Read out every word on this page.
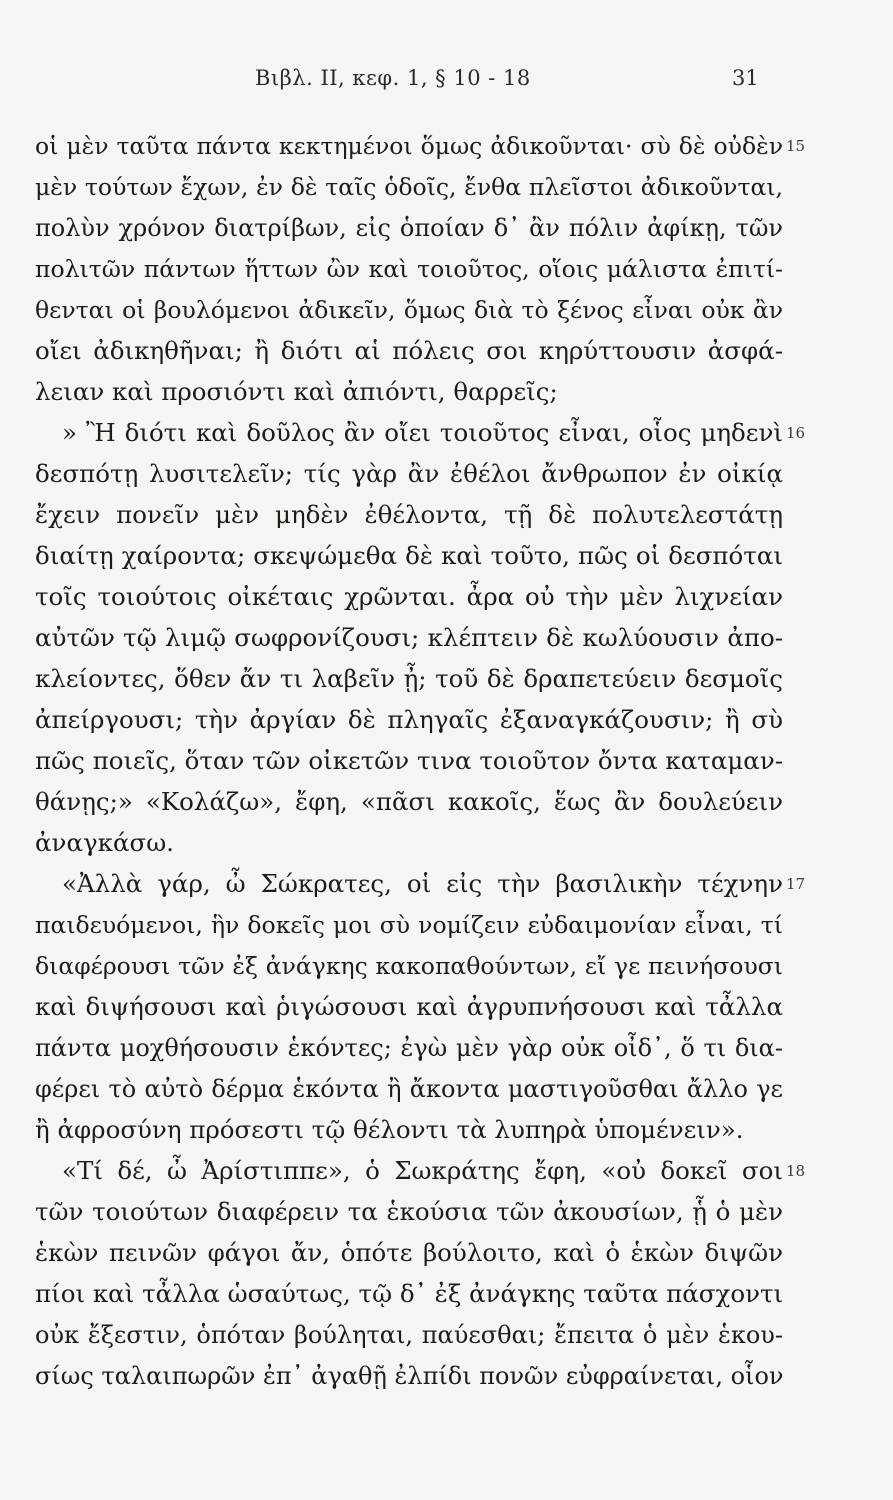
Βιβλ. ΙΙ, κεφ. 1, § 10 - 18	31
οἱ μὲν ταῦτα πάντα κεκτημένοι ὅμως ἀδικοῦνται· σὺ δὲ οὐδὲν 15
μὲν τούτων ἔχων, ἐν δὲ ταῖς ὁδοῖς, ἔνθα πλεῖστοι ἀδικοῦνται,
πολὺν χρόνον διατρίβων, εἰς ὁποίαν δ᾿ ἂν πόλιν ἀφίκῃ, τῶν
πολιτῶν πάντων ἥττων ὢν καὶ τοιοῦτος, οἵοις μάλιστα ἐπιτί-
θενται οἱ βουλόμενοι ἀδικεῖν, ὅμως διὰ τὸ ξένος εἶναι οὐκ ἂν
οἴει ἀδικηθῆναι; ἢ διότι αἱ πόλεις σοι κηρύττουσιν ἀσφά-
λειαν καὶ προσιόντι καὶ ἀπιόντι, θαρρεῖς;
» Ἢ διότι καὶ δοῦλος ἂν οἴει τοιοῦτος εἶναι, οἷος μηδενὶ 16
δεσπότῃ λυσιτελεῖν; τίς γὰρ ἂν ἐθέλοι ἄνθρωπον ἐν οἰκίᾳ
ἔχειν πονεῖν μὲν μηδὲν ἐθέλοντα, τῇ δὲ πολυτελεστάτῃ
διαίτῃ χαίροντα; σκεψώμεθα δὲ καὶ τοῦτο, πῶς οἱ δεσπόται
τοῖς τοιούτοις οἰκέταις χρῶνται. ἆρα οὐ τὴν μὲν λιχνείαν
αὐτῶν τῷ λιμῷ σωφρονίζουσι; κλέπτειν δὲ κωλύουσιν ἀπο-
κλείοντες, ὅθεν ἄν τι λαβεῖν ᾖ; τοῦ δὲ δραπετεύειν δεσμοῖς
ἀπείργουσι; τὴν ἀργίαν δὲ πληγαῖς ἐξαναγκάζουσιν; ἢ σὺ
πῶς ποιεῖς, ὅταν τῶν οἰκετῶν τινα τοιοῦτον ὄντα καταμαν-
θάνῃς;» «Κολάζω», ἔφη, «πᾶσι κακοῖς, ἕως ἂν δουλεύειν
ἀναγκάσω.
«Ἀλλὰ γάρ, ὦ Σώκρατες, οἱ εἰς τὴν βασιλικὴν τέχνην 17
παιδευόμενοι, ἣν δοκεῖς μοι σὺ νομίζειν εὐδαιμονίαν εἶναι, τί
διαφέρουσι τῶν ἐξ ἀνάγκης κακοπαθούντων, εἴ γε πεινήσουσι
καὶ διψήσουσι καὶ ῥιγώσουσι καὶ ἀγρυπνήσουσι καὶ τἆλλα
πάντα μοχθήσουσιν ἑκόντες; ἐγὼ μὲν γὰρ οὐκ οἶδ᾿, ὅ τι δια-
φέρει τὸ αὐτὸ δέρμα ἑκόντα ἢ ἄκοντα μαστιγοῦσθαι ἄλλο γε
ἢ ἀφροσύνη πρόσεστι τῷ θέλοντι τὰ λυπηρὰ ὑπομένειν».
«Τί δέ, ὦ Ἀρίστιππε», ὁ Σωκράτης ἔφη, «οὐ δοκεῖ σοι 18
τῶν τοιούτων διαφέρειν τα ἑκούσια τῶν ἀκουσίων, ᾗ ὁ μὲν
ἑκὼν πεινῶν φάγοι ἄν, ὁπότε βούλοιτο, καὶ ὁ ἑκὼν διψῶν
πίοι καὶ τἆλλα ὡσαύτως, τῷ δ᾿ ἐξ ἀνάγκης ταῦτα πάσχοντι
οὐκ ἔξεστιν, ὁπόταν βούληται, παύεσθαι; ἔπειτα ὁ μὲν ἑκου-
σίως ταλαιπωρῶν ἐπ᾿ ἀγαθῇ ἐλπίδι πονῶν εὐφραίνεται, οἷον
